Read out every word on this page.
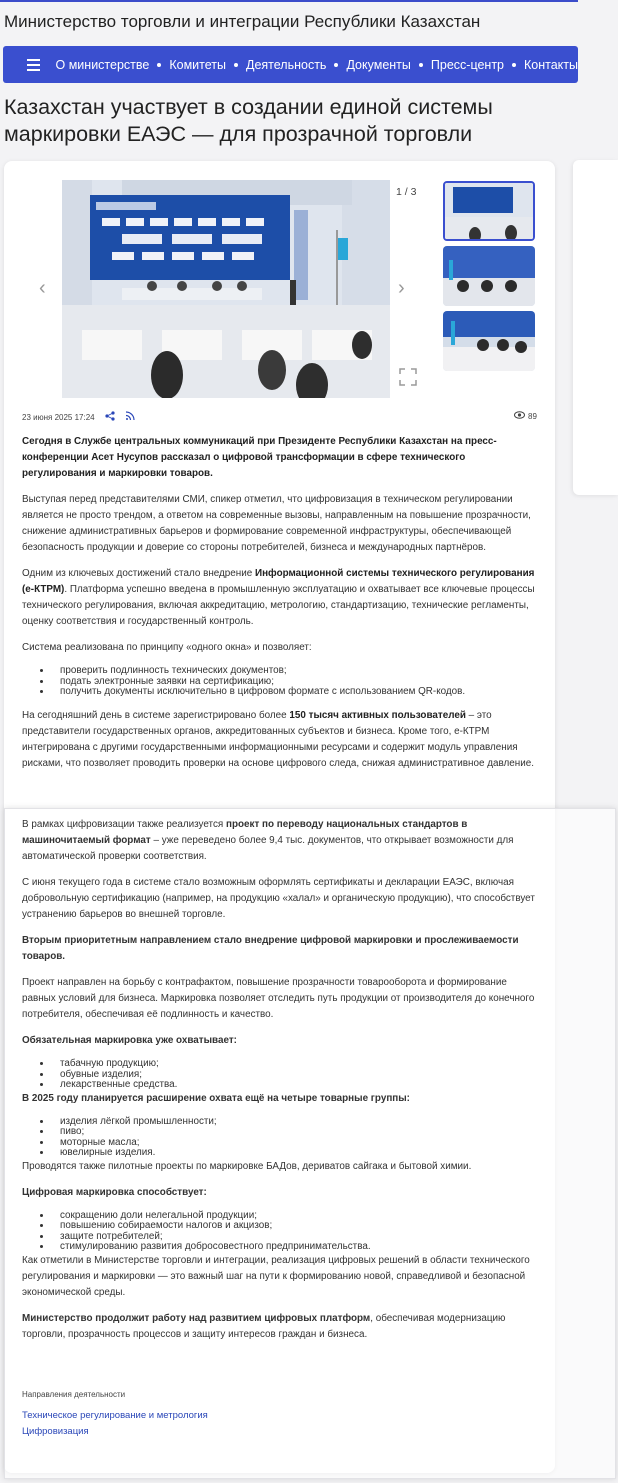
Министерство торговли и интеграции Республики Казахстан
О министерстве Комитеты Деятельность Документы Пресс-центр Контакты
Казахстан участвует в создании единой системы маркировки ЕАЭС — для прозрачной торговли
1 / 3
‹	›
23 июня 2025 17:24	89

Сегодня в Службе центральных коммуникаций при Президенте Республики Казахстан на пресс-конференции Асет Нусупов рассказал о цифровой трансформации в сфере технического регулирования и маркировки товаров.

Выступая перед представителями СМИ, спикер отметил, что цифровизация в техническом регулировании является не просто трендом, а ответом на современные вызовы, направленным на повышение прозрачности, снижение административных барьеров и формирование современной инфраструктуры, обеспечивающей безопасность продукции и доверие со стороны потребителей, бизнеса и международных партнёров.

Одним из ключевых достижений стало внедрение Информационной системы технического регулирования (е-КТРМ). Платформа успешно введена в промышленную эксплуатацию и охватывает все ключевые процессы технического регулирования, включая аккредитацию, метрологию, стандартизацию, технические регламенты, оценку соответствия и государственный контроль.

Система реализована по принципу «одного окна» и позволяет:

• проверить подлинность технических документов;
• подать электронные заявки на сертификацию;
• получить документы исключительно в цифровом формате с использованием QR-кодов.

На сегодняшний день в системе зарегистрировано более 150 тысяч активных пользователей – это представители государственных органов, аккредитованных субъектов и бизнеса. Кроме того, е-КТРМ интегрирована с другими государственными информационными ресурсами и содержит модуль управления рисками, что позволяет проводить проверки на основе цифрового следа, снижая административное давление.

В рамках цифровизации также реализуется проект по переводу национальных стандартов в машиночитаемый формат – уже переведено более 9,4 тыс. документов, что открывает возможности для автоматической проверки соответствия.

С июня текущего года в системе стало возможным оформлять сертификаты и декларации ЕАЭС, включая добровольную сертификацию (например, на продукцию «халал» и органическую продукцию), что способствует устранению барьеров во внешней торговле.

Вторым приоритетным направлением стало внедрение цифровой маркировки и прослеживаемости товаров.

Проект направлен на борьбу с контрафактом, повышение прозрачности товарооборота и формирование равных условий для бизнеса. Маркировка позволяет отследить путь продукции от производителя до конечного потребителя, обеспечивая её подлинность и качество.

Обязательная маркировка уже охватывает:

• табачную продукцию;
• обувные изделия;
• лекарственные средства.

В 2025 году планируется расширение охвата ещё на четыре товарные группы:

• изделия лёгкой промышленности;
• пиво;
• моторные масла;
• ювелирные изделия.

Проводятся также пилотные проекты по маркировке БАДов, дериватов сайгака и бытовой химии.

Цифровая маркировка способствует:

• сокращению доли нелегальной продукции;
• повышению собираемости налогов и акцизов;
• защите потребителей;
• стимулированию развития добросовестного предпринимательства.

Как отметили в Министерстве торговли и интеграции, реализация цифровых решений в области технического регулирования и маркировки — это важный шаг на пути к формированию новой, справедливой и безопасной экономической среды.

Министерство продолжит работу над развитием цифровых платформ, обеспечивая модернизацию торговли, прозрачность процессов и защиту интересов граждан и бизнеса.

Направления деятельности
Техническое регулирование и метрология
Цифровизация
